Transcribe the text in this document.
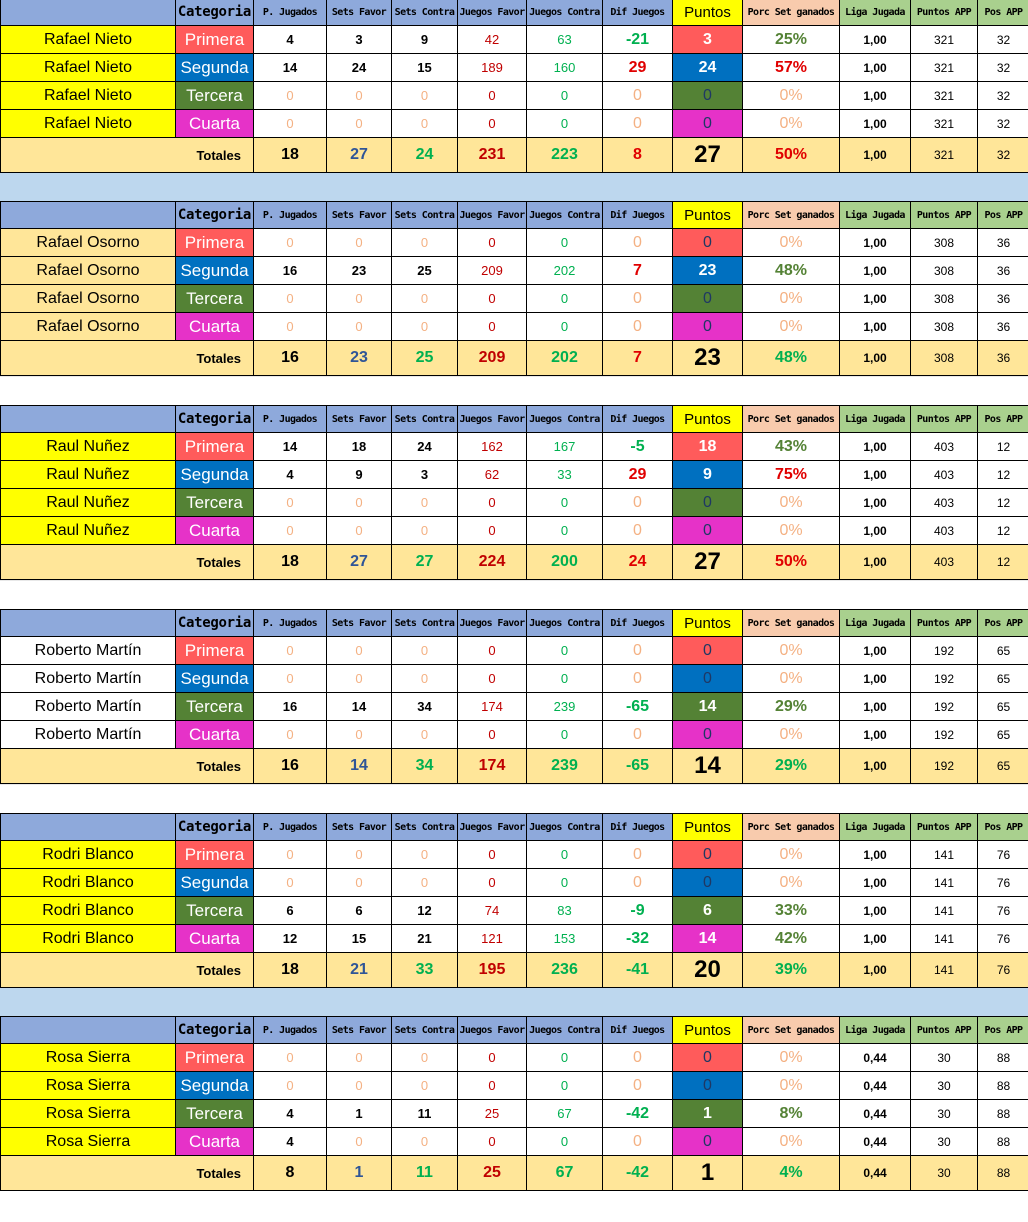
	Categoria	P. Jugados	Sets Favor	Sets Contra	Juegos Favor	Juegos Contra	Dif Juegos	Puntos	Porc Set ganados	Liga Jugada	Puntos APP	Pos APP
Rafael Nieto	Primera	4	3	9	42	63	-21	3	25%	1,00	321	32
Rafael Nieto	Segunda	14	24	15	189	160	29	24	57%	1,00	321	32
Rafael Nieto	Tercera	0	0	0	0	0	0	0	0%	1,00	321	32
Rafael Nieto	Cuarta	0	0	0	0	0	0	0	0%	1,00	321	32
Totales		18	27	24	231	223	8	27	50%	1,00	321	32
	Categoria	P. Jugados	Sets Favor	Sets Contra	Juegos Favor	Juegos Contra	Dif Juegos	Puntos	Porc Set ganados	Liga Jugada	Puntos APP	Pos APP
Rafael Osorno	Primera	0	0	0	0	0	0	0	0%	1,00	308	36
Rafael Osorno	Segunda	16	23	25	209	202	7	23	48%	1,00	308	36
Rafael Osorno	Tercera	0	0	0	0	0	0	0	0%	1,00	308	36
Rafael Osorno	Cuarta	0	0	0	0	0	0	0	0%	1,00	308	36
Totales		16	23	25	209	202	7	23	48%	1,00	308	36
	Categoria	P. Jugados	Sets Favor	Sets Contra	Juegos Favor	Juegos Contra	Dif Juegos	Puntos	Porc Set ganados	Liga Jugada	Puntos APP	Pos APP
Raul Nuñez	Primera	14	18	24	162	167	-5	18	43%	1,00	403	12
Raul Nuñez	Segunda	4	9	3	62	33	29	9	75%	1,00	403	12
Raul Nuñez	Tercera	0	0	0	0	0	0	0	0%	1,00	403	12
Raul Nuñez	Cuarta	0	0	0	0	0	0	0	0%	1,00	403	12
Totales		18	27	27	224	200	24	27	50%	1,00	403	12
	Categoria	P. Jugados	Sets Favor	Sets Contra	Juegos Favor	Juegos Contra	Dif Juegos	Puntos	Porc Set ganados	Liga Jugada	Puntos APP	Pos APP
Roberto Martín	Primera	0	0	0	0	0	0	0	0%	1,00	192	65
Roberto Martín	Segunda	0	0	0	0	0	0	0	0%	1,00	192	65
Roberto Martín	Tercera	16	14	34	174	239	-65	14	29%	1,00	192	65
Roberto Martín	Cuarta	0	0	0	0	0	0	0	0%	1,00	192	65
Totales		16	14	34	174	239	-65	14	29%	1,00	192	65
	Categoria	P. Jugados	Sets Favor	Sets Contra	Juegos Favor	Juegos Contra	Dif Juegos	Puntos	Porc Set ganados	Liga Jugada	Puntos APP	Pos APP
Rodri Blanco	Primera	0	0	0	0	0	0	0	0%	1,00	141	76
Rodri Blanco	Segunda	0	0	0	0	0	0	0	0%	1,00	141	76
Rodri Blanco	Tercera	6	6	12	74	83	-9	6	33%	1,00	141	76
Rodri Blanco	Cuarta	12	15	21	121	153	-32	14	42%	1,00	141	76
Totales		18	21	33	195	236	-41	20	39%	1,00	141	76
	Categoria	P. Jugados	Sets Favor	Sets Contra	Juegos Favor	Juegos Contra	Dif Juegos	Puntos	Porc Set ganados	Liga Jugada	Puntos APP	Pos APP
Rosa Sierra	Primera	0	0	0	0	0	0	0	0%	0,44	30	88
Rosa Sierra	Segunda	0	0	0	0	0	0	0	0%	0,44	30	88
Rosa Sierra	Tercera	4	1	11	25	67	-42	1	8%	0,44	30	88
Rosa Sierra	Cuarta	4	0	0	0	0	0	0	0%	0,44	30	88
Totales		8	1	11	25	67	-42	1	4%	0,44	30	88
